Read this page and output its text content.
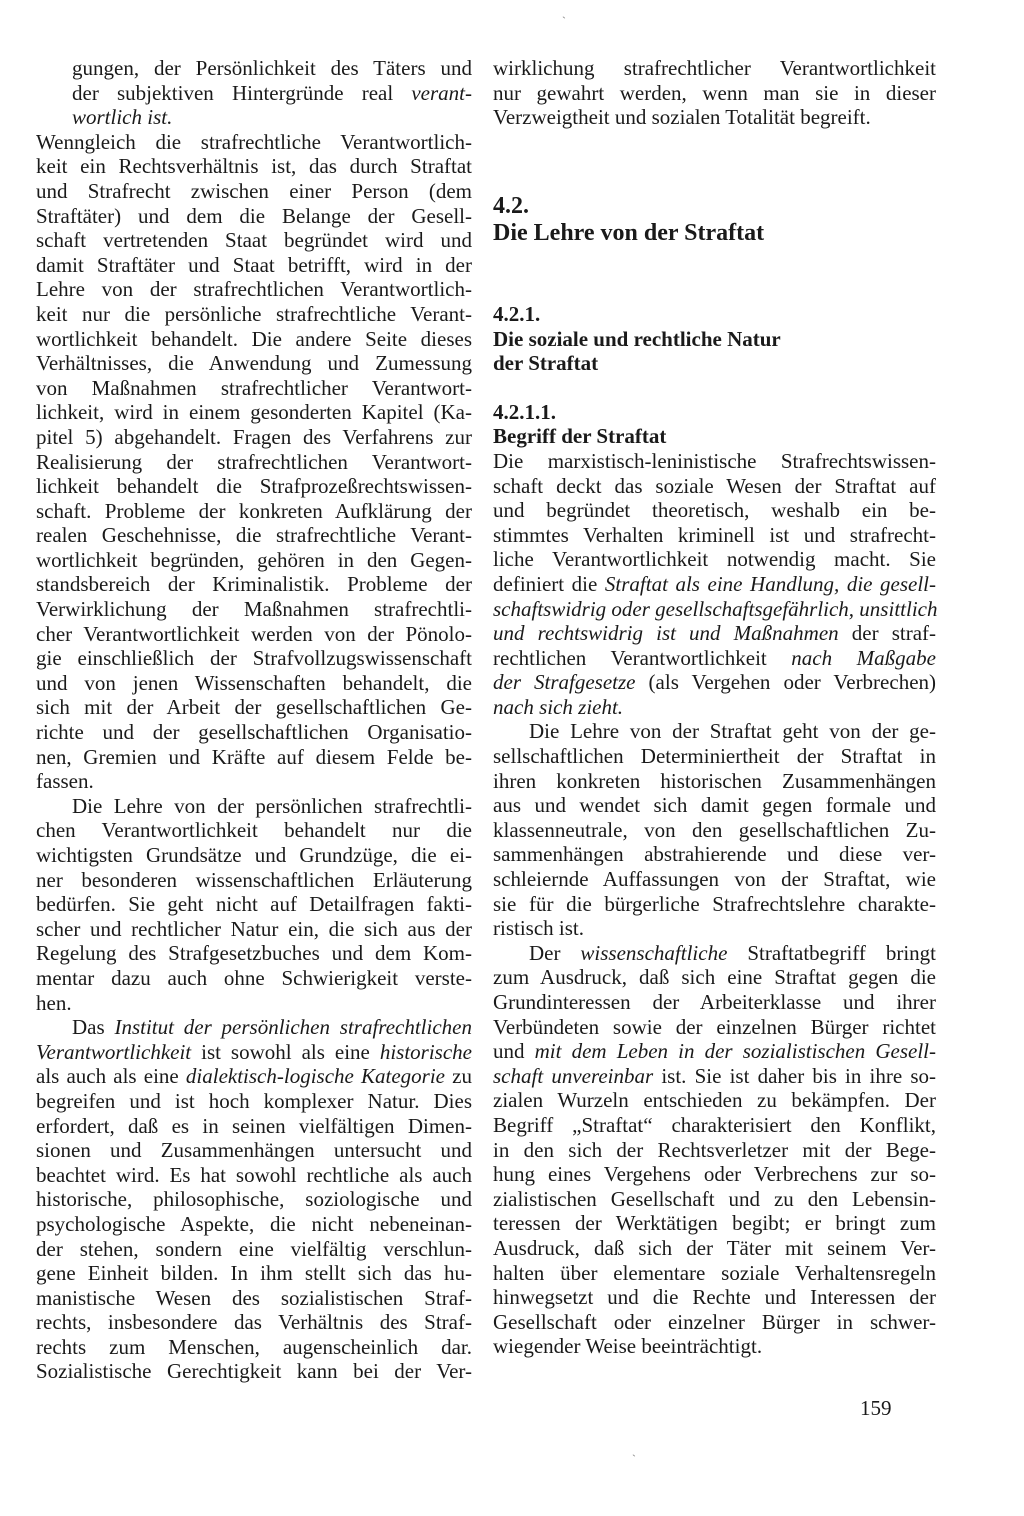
ˋ
gungen, der Persönlichkeit des Täters und
der subjektiven Hintergründe real verant-
wortlich ist.
Wenngleich die strafrechtliche Verantwortlich-
keit ein Rechtsverhältnis ist, das durch Straftat
und Strafrecht zwischen einer Person (dem
Straftäter) und dem die Belange der Gesell-
schaft vertretenden Staat begründet wird und
damit Straftäter und Staat betrifft, wird in der
Lehre von der strafrechtlichen Verantwortlich-
keit nur die persönliche strafrechtliche Verant-
wortlichkeit behandelt. Die andere Seite dieses
Verhältnisses, die Anwendung und Zumessung
von Maßnahmen strafrechtlicher Verantwort-
lichkeit, wird in einem gesonderten Kapitel (Ka-
pitel 5) abgehandelt. Fragen des Verfahrens zur
Realisierung der strafrechtlichen Verantwort-
lichkeit behandelt die Strafprozeßrechtswissen-
schaft. Probleme der konkreten Aufklärung der
realen Geschehnisse, die strafrechtliche Verant-
wortlichkeit begründen, gehören in den Gegen-
standsbereich der Kriminalistik. Probleme der
Verwirklichung der Maßnahmen strafrechtli-
cher Verantwortlichkeit werden von der Pönolo-
gie einschließlich der Strafvollzugswissenschaft
und von jenen Wissenschaften behandelt, die
sich mit der Arbeit der gesellschaftlichen Ge-
richte und der gesellschaftlichen Organisatio-
nen, Gremien und Kräfte auf diesem Felde be-
fassen.
Die Lehre von der persönlichen strafrechtli-
chen Verantwortlichkeit behandelt nur die
wichtigsten Grundsätze und Grundzüge, die ei-
ner besonderen wissenschaftlichen Erläuterung
bedürfen. Sie geht nicht auf Detailfragen fakti-
scher und rechtlicher Natur ein, die sich aus der
Regelung des Strafgesetzbuches und dem Kom-
mentar dazu auch ohne Schwierigkeit verste-
hen.
Das Institut der persönlichen strafrechtlichen
Verantwortlichkeit ist sowohl als eine historische
als auch als eine dialektisch-logische Kategorie zu
begreifen und ist hoch komplexer Natur. Dies
erfordert, daß es in seinen vielfältigen Dimen-
sionen und Zusammenhängen untersucht und
beachtet wird. Es hat sowohl rechtliche als auch
historische, philosophische, soziologische und
psychologische Aspekte, die nicht nebeneinan-
der stehen, sondern eine vielfältig verschlun-
gene Einheit bilden. In ihm stellt sich das hu-
manistische Wesen des sozialistischen Straf-
rechts, insbesondere das Verhältnis des Straf-
rechts zum Menschen, augenscheinlich dar.
Sozialistische Gerechtigkeit kann bei der Ver-
wirklichung strafrechtlicher Verantwortlichkeit
nur gewahrt werden, wenn man sie in dieser
Verzweigtheit und sozialen Totalität begreift.
4.2.
Die Lehre von der Straftat
4.2.1.
Die soziale und rechtliche Natur
der Straftat
4.2.1.1.
Begriff der Straftat
Die marxistisch-leninistische Strafrechtswissen-
schaft deckt das soziale Wesen der Straftat auf
und begründet theoretisch, weshalb ein be-
stimmtes Verhalten kriminell ist und strafrecht-
liche Verantwortlichkeit notwendig macht. Sie
definiert die Straftat als eine Handlung, die gesell-
schaftswidrig oder gesellschaftsgefährlich, unsittlich
und rechtswidrig ist und Maßnahmen der straf-
rechtlichen Verantwortlichkeit nach Maßgabe
der Strafgesetze (als Vergehen oder Verbrechen)
nach sich zieht.
Die Lehre von der Straftat geht von der ge-
sellschaftlichen Determiniertheit der Straftat in
ihren konkreten historischen Zusammenhängen
aus und wendet sich damit gegen formale und
klassenneutrale, von den gesellschaftlichen Zu-
sammenhängen abstrahierende und diese ver-
schleiernde Auffassungen von der Straftat, wie
sie für die bürgerliche Strafrechtslehre charakte-
ristisch ist.
Der wissenschaftliche Straftatbegriff bringt
zum Ausdruck, daß sich eine Straftat gegen die
Grundinteressen der Arbeiterklasse und ihrer
Verbündeten sowie der einzelnen Bürger richtet
und mit dem Leben in der sozialistischen Gesell-
schaft unvereinbar ist. Sie ist daher bis in ihre so-
zialen Wurzeln entschieden zu bekämpfen. Der
Begriff „Straftat“ charakterisiert den Konflikt,
in den sich der Rechtsverletzer mit der Bege-
hung eines Vergehens oder Verbrechens zur so-
zialistischen Gesellschaft und zu den Lebensin-
teressen der Werktätigen begibt; er bringt zum
Ausdruck, daß sich der Täter mit seinem Ver-
halten über elementare soziale Verhaltensregeln
hinwegsetzt und die Rechte und Interessen der
Gesellschaft oder einzelner Bürger in schwer-
wiegender Weise beeinträchtigt.
159
ˋ
